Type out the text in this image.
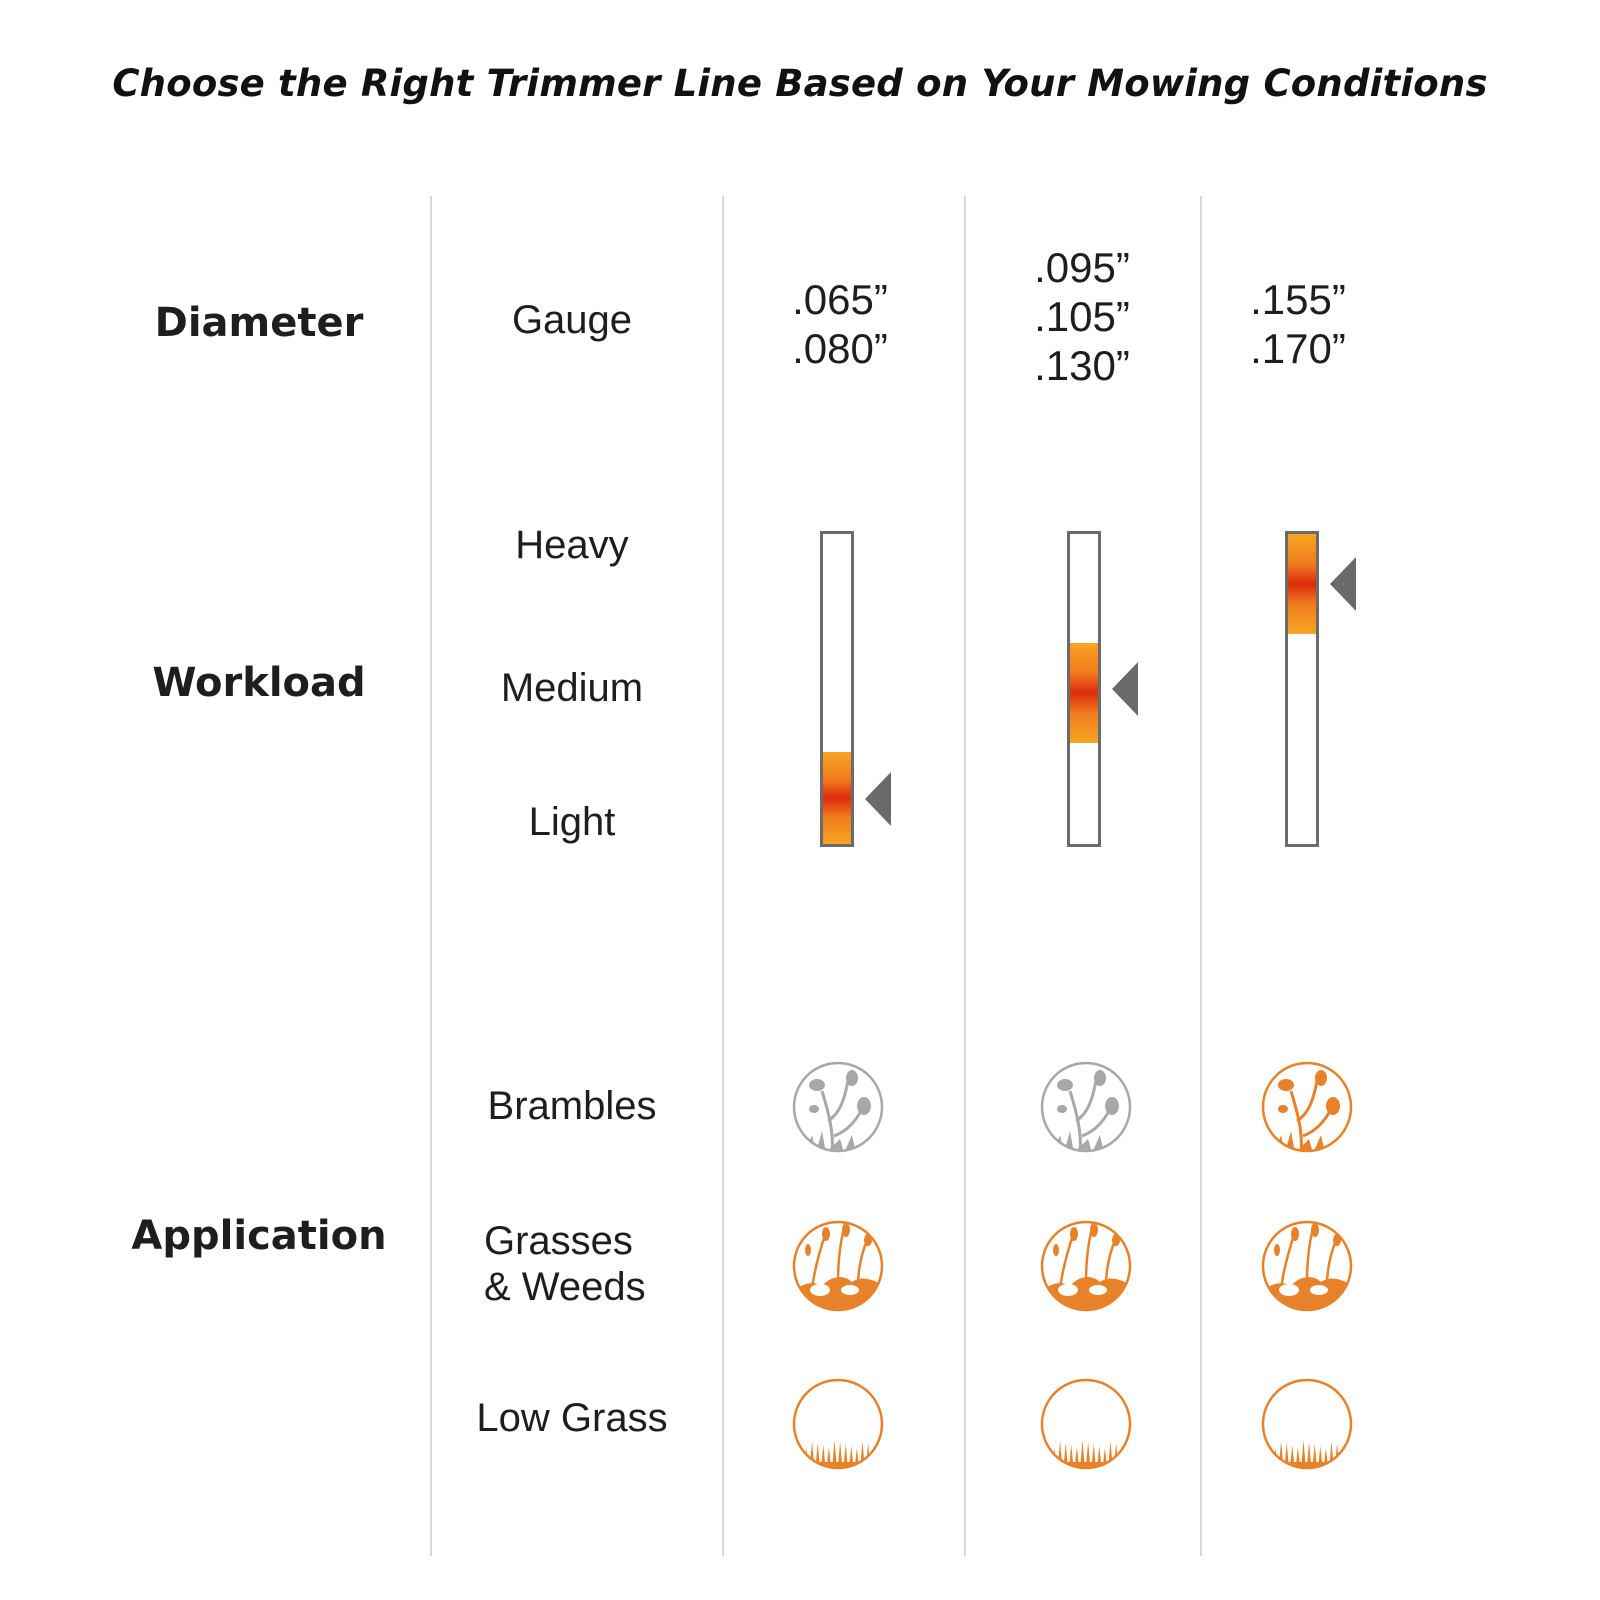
Choose the Right Trimmer Line Based on Your Mowing Conditions
Diameter
Workload
Application
Gauge
Heavy
Medium
Light
Brambles
Grasses
& Weeds
Low Grass
.065”
.080”
.095”
.105”
.130”
.155”
.170”
